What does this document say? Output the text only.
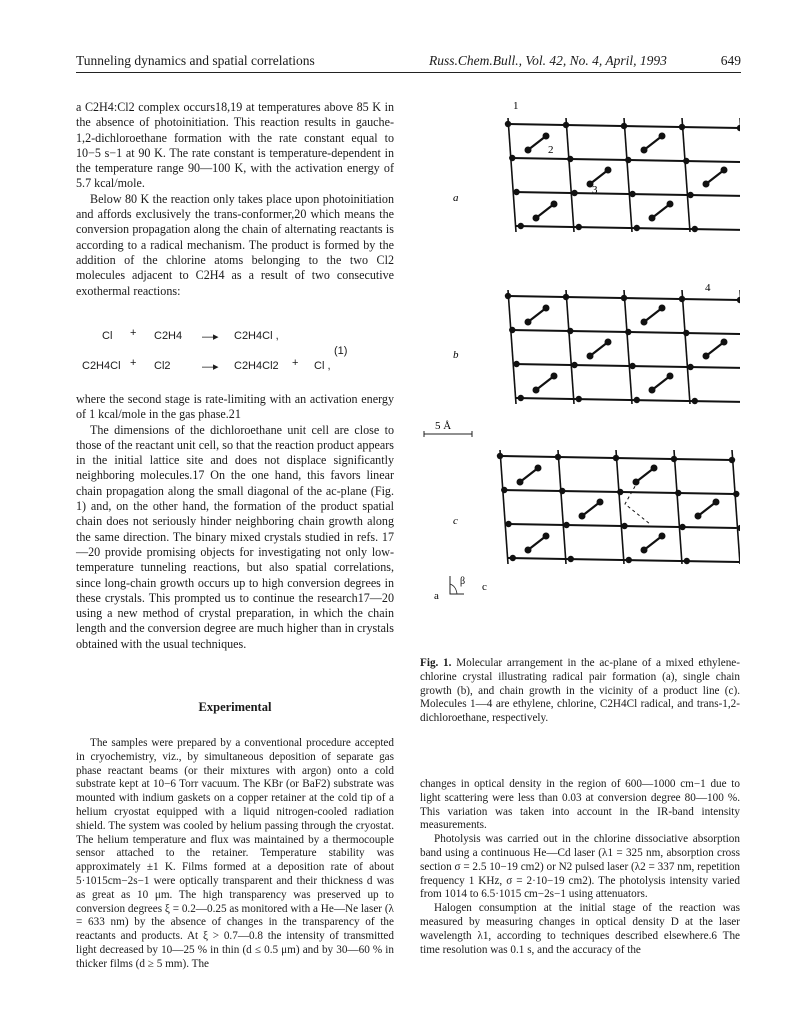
Tunneling dynamics and spatial correlations	Russ.Chem.Bull., Vol. 42, No. 4, April, 1993	649

a C2H4:Cl2 complex occurs18,19 at temperatures above 85 K in the absence of photoinitiation. This reaction results in gauche-1,2-dichloroethane formation with the rate constant equal to 10−5 s−1 at 90 K. The rate constant is temperature-dependent in the temperature range 90—100 K, with the activation energy of 5.7 kcal/mole.

Below 80 K the reaction only takes place upon photoinitiation and affords exclusively the trans-conformer,20 which means the conversion propagation along the chain of alternating reactants is according to a radical mechanism. The product is formed by the addition of the chlorine atoms belonging to the two Cl2 molecules adjacent to C2H4 as a result of two consecutive exothermal reactions:

Cl + C2H4 —▸ C2H4Cl ,
(1)
C2H4Cl + Cl2	—▸ C2H4Cl2 + Cl ,

where the second stage is rate-limiting with an activation energy of 1 kcal/mole in the gas phase.21

The dimensions of the dichloroethane unit cell are close to those of the reactant unit cell, so that the reaction product appears in the initial lattice site and does not displace significantly neighboring molecules.17 On the one hand, this favors linear chain propagation along the small diagonal of the ac-plane (Fig. 1) and, on the other hand, the formation of the product spatial chain does not seriously hinder neighboring chain growth along the same direction. The binary mixed crystals studied in refs. 17—20 provide promising objects for investigating not only low-temperature tunneling reactions, but also spatial correlations, since long-chain growth occurs up to high conversion degrees in these crystals. This prompted us to continue the research17—20 using a new method of crystal preparation, in which the chain length and the conversion degree are much higher than in crystals obtained with the usual techniques.

Experimental

The samples were prepared by a conventional procedure accepted in cryochemistry, viz., by simultaneous deposition of separate gas phase reactant beams (or their mixtures with argon) onto a cold substrate kept at 10−6 Torr vacuum. The KBr (or BaF2) substrate was mounted with indium gaskets on a copper retainer at the cold tip of a helium cryostat equipped with a liquid nitrogen-cooled radiation shield. The system was cooled by helium passing through the cryostat. The helium temperature and flux was maintained by a thermocouple sensor attached to the retainer. Temperature stability was approximately ±1 K. Films formed at a deposition rate of about 5·1015cm−2s−1 were optically transparent and their thickness d was as great as 10 μm. The high transparency was preserved up to conversion degrees ξ = 0.2—0.25 as monitored with a He—Ne laser (λ = 633 nm) by the absence of changes in the transparency of the reactants and products. At ξ > 0.7—0.8 the intensity of transmitted light decreased by 10—25 % in thin (d ≤ 0.5 μm) and by 30—60 % in thicker films (d ≥ 5 mm). The

1
2
3
4
a
b
c
5 Å
a
β c
Fig. 1. Molecular arrangement in the ac-plane of a mixed ethylene-chlorine crystal illustrating radical pair formation (a), single chain growth (b), and chain growth in the vicinity of a product line (c). Molecules 1—4 are ethylene, chlorine, C2H4Cl radical, and trans-1,2-dichloroethane, respectively.

changes in optical density in the region of 600—1000 cm−1 due to light scattering were less than 0.03 at conversion degree 80—100 %. This variation was taken into account in the IR-band intensity measurements.

Photolysis was carried out in the chlorine dissociative absorption band using a continuous He—Cd laser (λ1 = 325 nm, absorption cross section σ = 2.5 10−19 cm2) or N2 pulsed laser (λ2 = 337 nm, repetition frequency 1 KHz, σ = 2·10−19 cm2). The photolysis intensity varied from 1014 to 6.5·1015 cm−2s−1 using attenuators.

Halogen consumption at the initial stage of the reaction was measured by measuring changes in optical density D at the laser wavelength λ1, according to techniques described elsewhere.6 The time resolution was 0.1 s, and the accuracy of the
